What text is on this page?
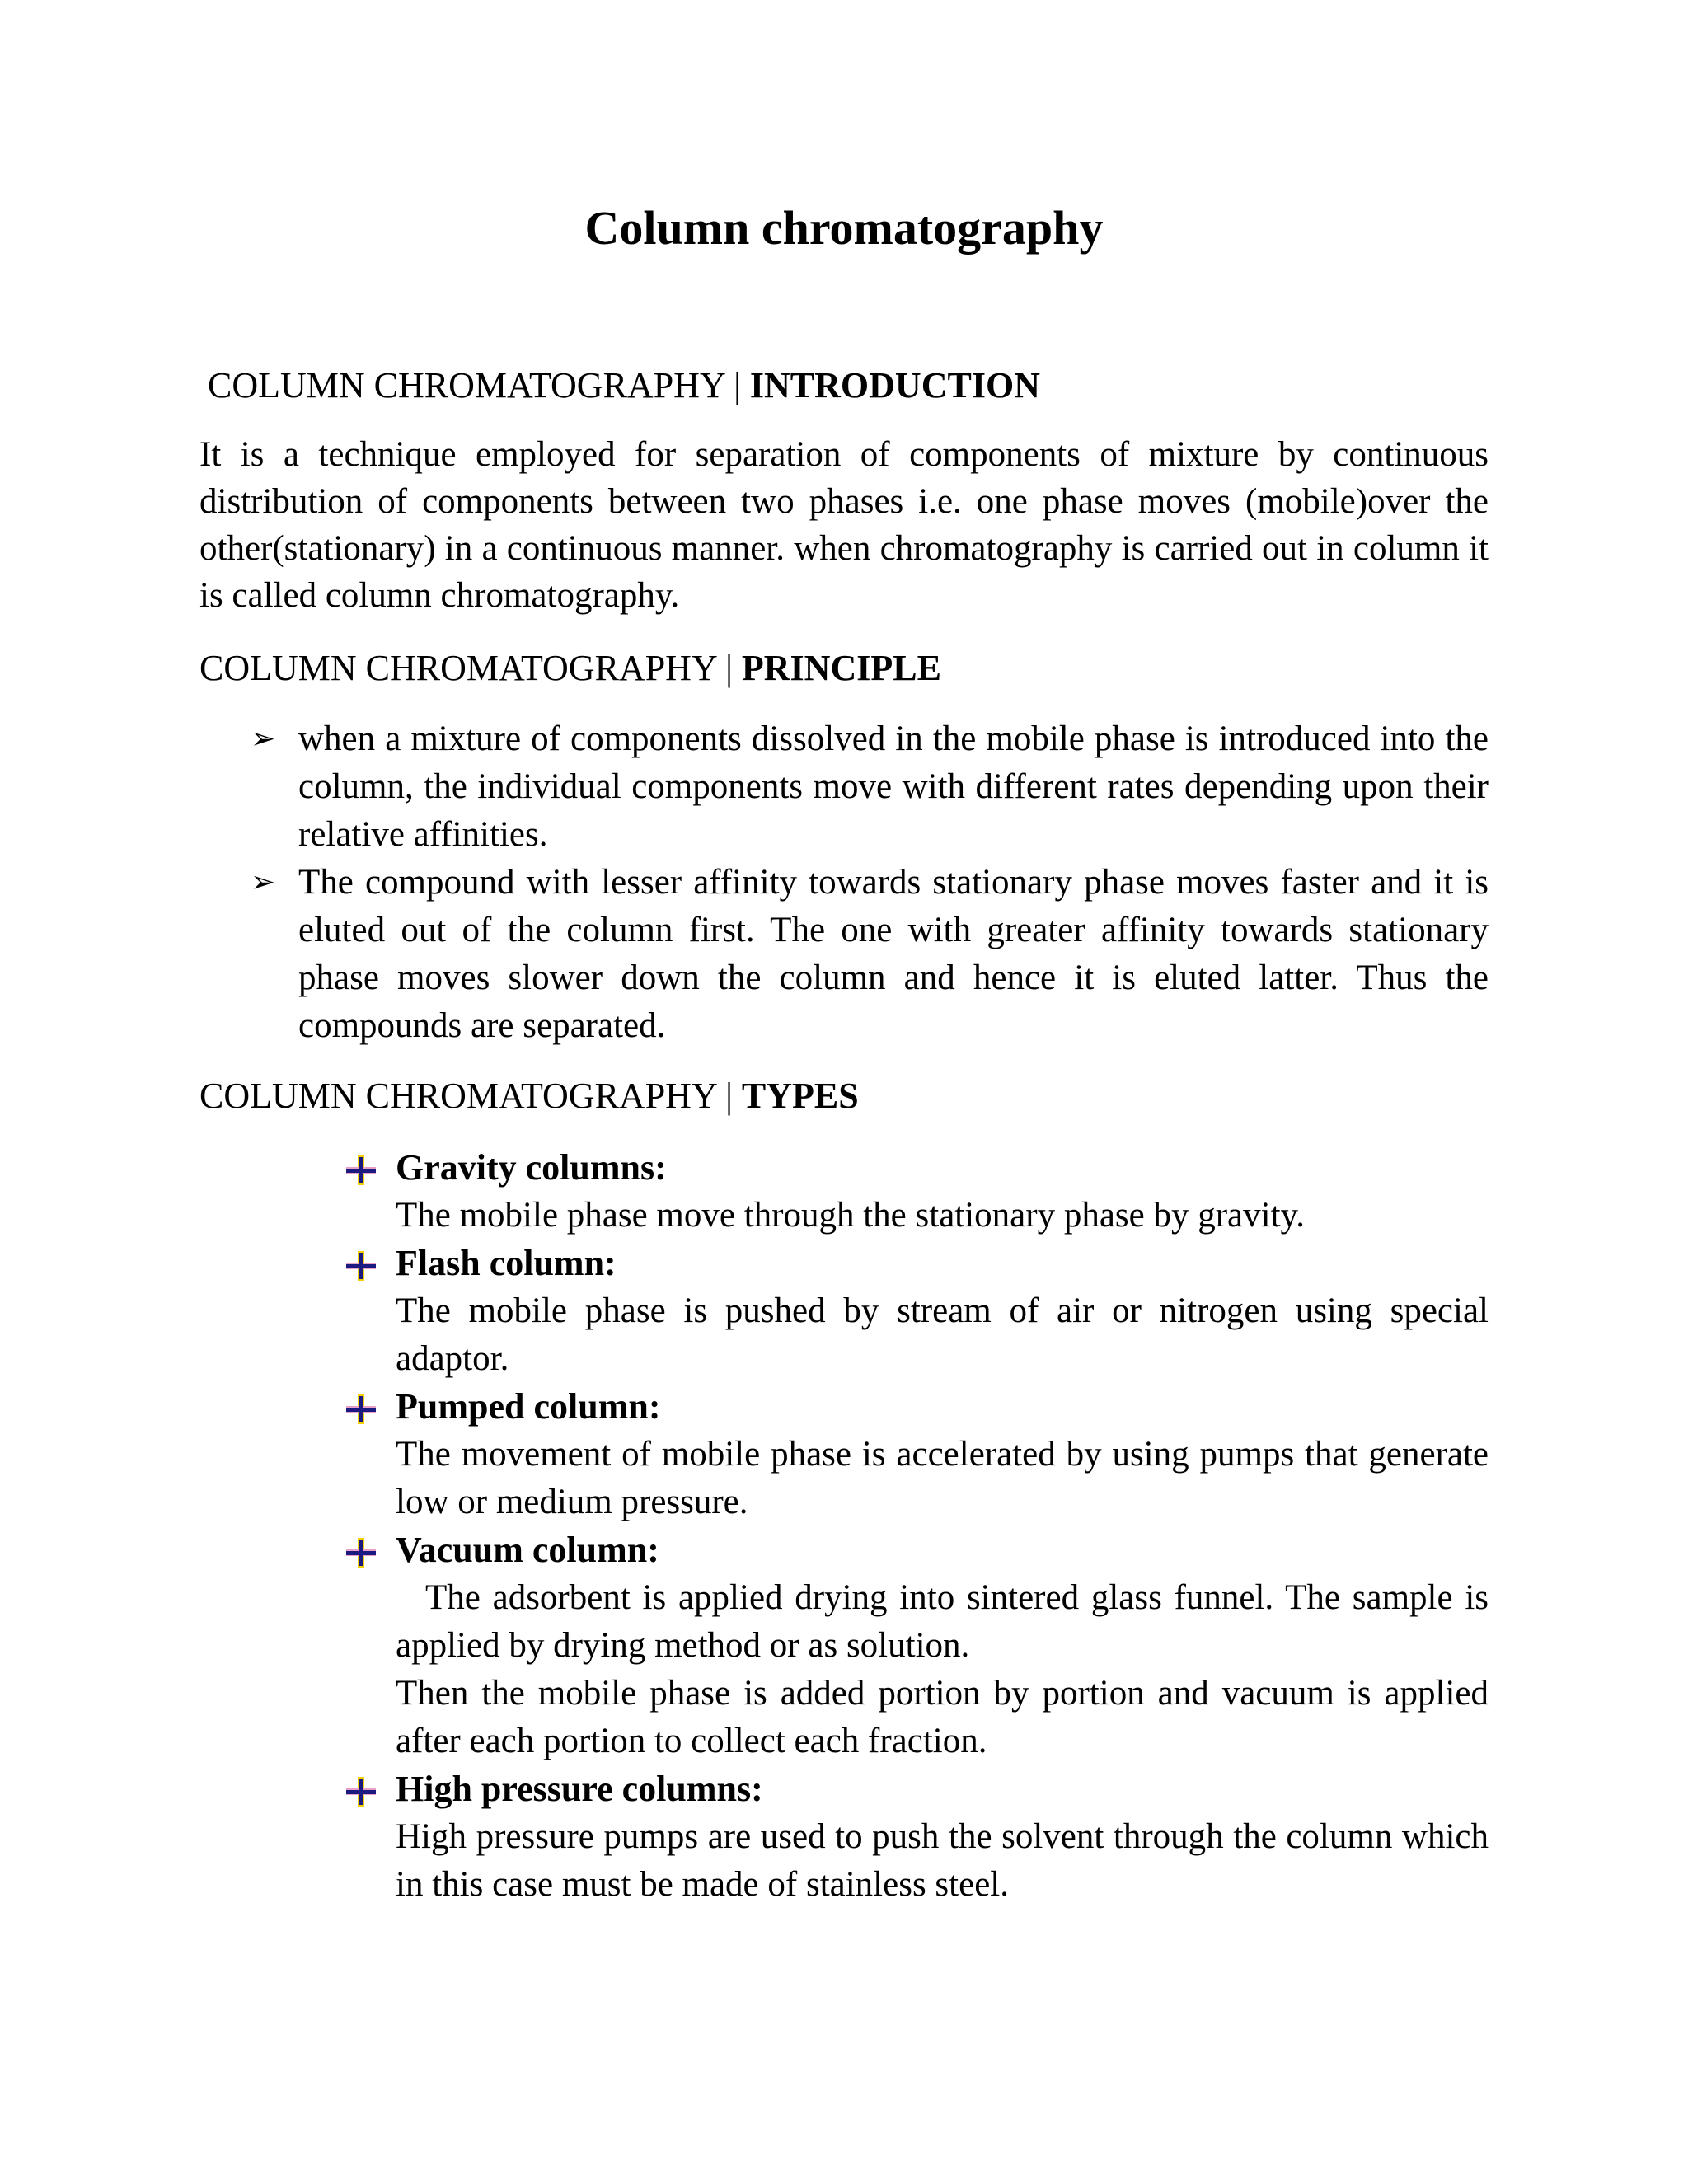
Column chromatography
COLUMN CHROMATOGRAPHY | INTRODUCTION

It is a technique employed for separation of components of mixture by continuous distribution of components between two phases i.e. one phase moves (mobile)over the other(stationary) in a continuous manner. when chromatography is carried out in column it is called column chromatography.

COLUMN CHROMATOGRAPHY | PRINCIPLE
➢ when a mixture of components dissolved in the mobile phase is introduced into the column, the individual components move with different rates depending upon their relative affinities.
➢ The compound with lesser affinity towards stationary phase moves faster and it is eluted out of the column first. The one with greater affinity towards stationary phase moves slower down the column and hence it is eluted latter. Thus the compounds are separated.
COLUMN CHROMATOGRAPHY | TYPES

Gravity columns:

The mobile phase move through the stationary phase by gravity.

Flash column:

The mobile phase is pushed by stream of air or nitrogen using special adaptor.

Pumped column:

The movement of mobile phase is accelerated by using pumps that generate low or medium pressure.

Vacuum column:

The adsorbent is applied drying into sintered glass funnel. The sample is applied by drying method or as solution.

Then the mobile phase is added portion by portion and vacuum is applied after each portion to collect each fraction.

High pressure columns:

High pressure pumps are used to push the solvent through the column which in this case must be made of stainless steel.
